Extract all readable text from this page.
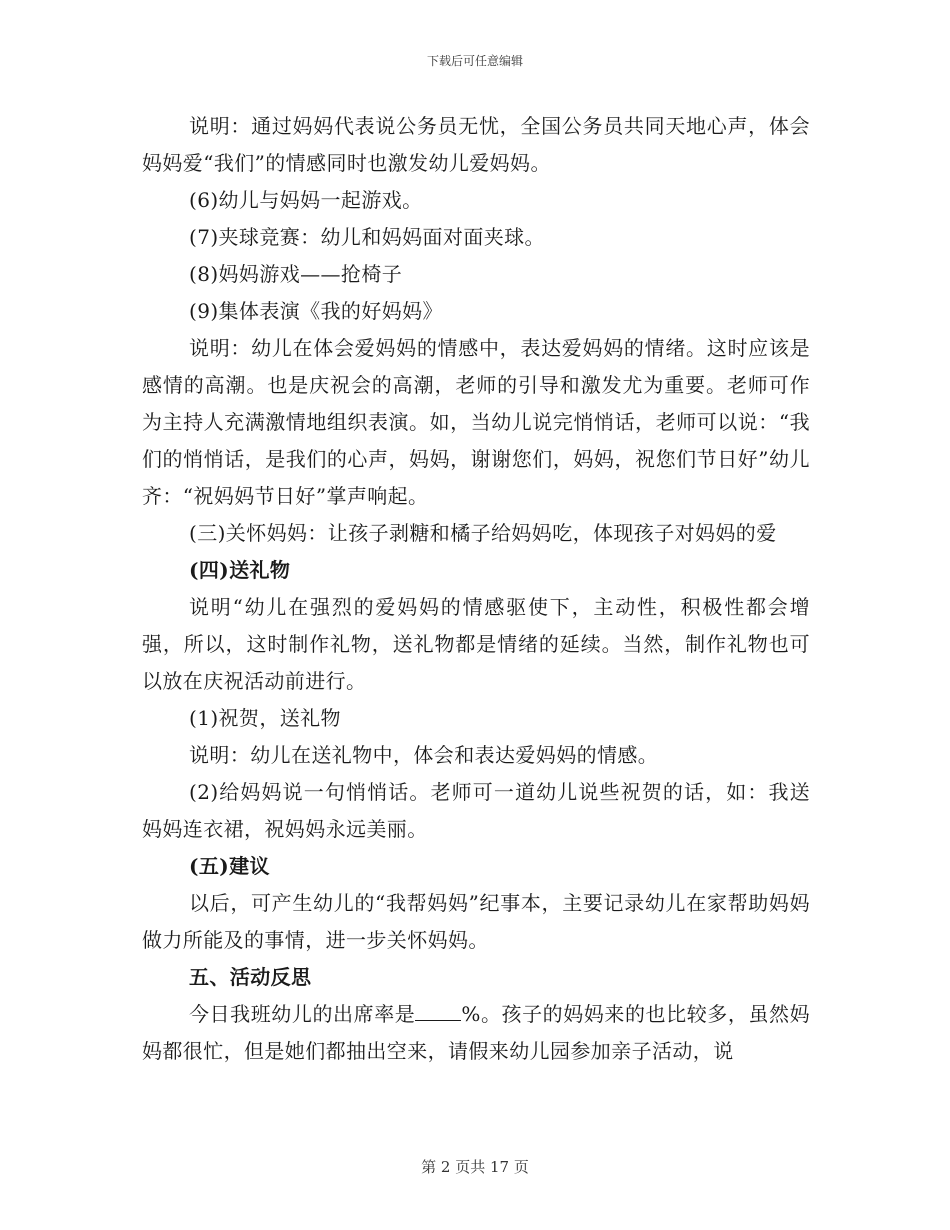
下载后可任意编辑

说明：通过妈妈代表说公务员无忧，全国公务员共同天地心声，体会妈妈爱“我们”的情感同时也激发幼儿爱妈妈。

(6)幼儿与妈妈一起游戏。

(7)夹球竞赛：幼儿和妈妈面对面夹球。

(8)妈妈游戏——抢椅子

(9)集体表演《我的好妈妈》

说明：幼儿在体会爱妈妈的情感中，表达爱妈妈的情绪。这时应该是感情的高潮。也是庆祝会的高潮，老师的引导和激发尤为重要。老师可作为主持人充满激情地组织表演。如，当幼儿说完悄悄话，老师可以说：“我们的悄悄话，是我们的心声，妈妈，谢谢您们，妈妈，祝您们节日好”幼儿齐：“祝妈妈节日好”掌声响起。

(三)关怀妈妈：让孩子剥糖和橘子给妈妈吃，体现孩子对妈妈的爱

(四)送礼物

说明“幼儿在强烈的爱妈妈的情感驱使下，主动性，积极性都会增强，所以，这时制作礼物，送礼物都是情绪的延续。当然，制作礼物也可以放在庆祝活动前进行。

(1)祝贺，送礼物

说明：幼儿在送礼物中，体会和表达爱妈妈的情感。

(2)给妈妈说一句悄悄话。老师可一道幼儿说些祝贺的话，如：我送妈妈连衣裙，祝妈妈永远美丽。

(五)建议

以后，可产生幼儿的“我帮妈妈”纪事本，主要记录幼儿在家帮助妈妈做力所能及的事情，进一步关怀妈妈。

五、活动反思

今日我班幼儿的出席率是 %。孩子的妈妈来的也比较多，虽然妈妈都很忙，但是她们都抽出空来，请假来幼儿园参加亲子活动，说

第 2 页共 17 页
